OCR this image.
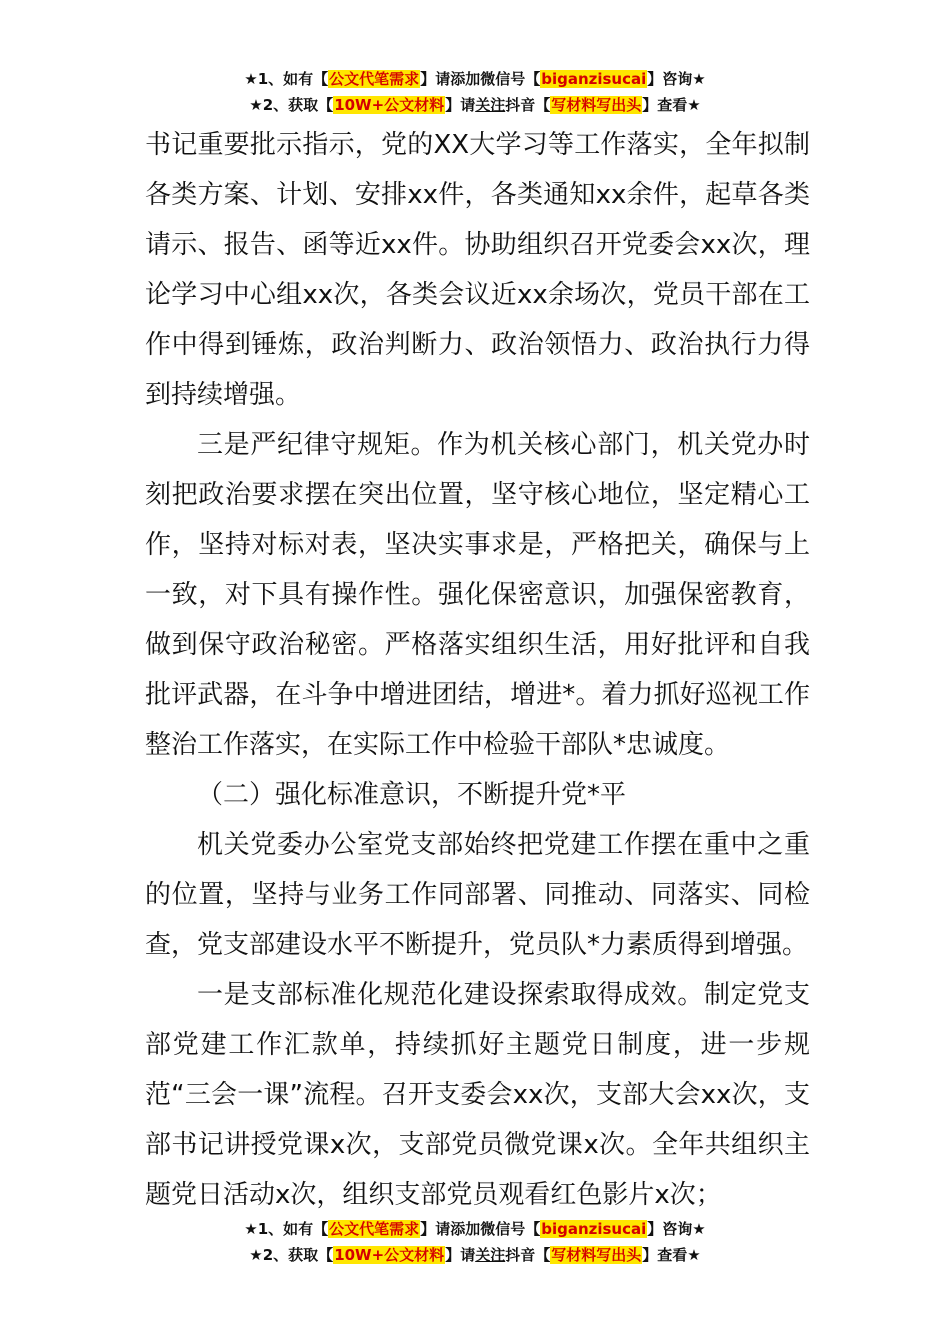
★1、如有【公文代笔需求】请添加微信号【biganzisucai】咨询★
★2、获取【10W+公文材料】请关注抖音【写材料写出头】查看★

书记重要批示指示，党的XX大学习等工作落实，全年拟制各类方案、计划、安排xx件，各类通知xx余件，起草各类请示、报告、函等近xx件。协助组织召开党委会xx次，理论学习中心组xx次，各类会议近xx余场次，党员干部在工作中得到锤炼，政治判断力、政治领悟力、政治执行力得到持续增强。

三是严纪律守规矩。作为机关核心部门，机关党办时刻把政治要求摆在突出位置，坚守核心地位，坚定精心工作，坚持对标对表，坚决实事求是，严格把关，确保与上一致，对下具有操作性。强化保密意识，加强保密教育，做到保守政治秘密。严格落实组织生活，用好批评和自我批评武器，在斗争中增进团结，增进*。着力抓好巡视工作整治工作落实，在实际工作中检验干部队*忠诚度。

（二）强化标准意识，不断提升党*平

机关党委办公室党支部始终把党建工作摆在重中之重的位置，坚持与业务工作同部署、同推动、同落实、同检查，党支部建设水平不断提升，党员队*力素质得到增强。

一是支部标准化规范化建设探索取得成效。制定党支部党建工作汇款单，持续抓好主题党日制度，进一步规范“三会一课”流程。召开支委会xx次，支部大会xx次，支部书记讲授党课x次，支部党员微党课x次。全年共组织主题党日活动x次，组织支部党员观看红色影片x次；

★1、如有【公文代笔需求】请添加微信号【biganzisucai】咨询★
★2、获取【10W+公文材料】请关注抖音【写材料写出头】查看★
